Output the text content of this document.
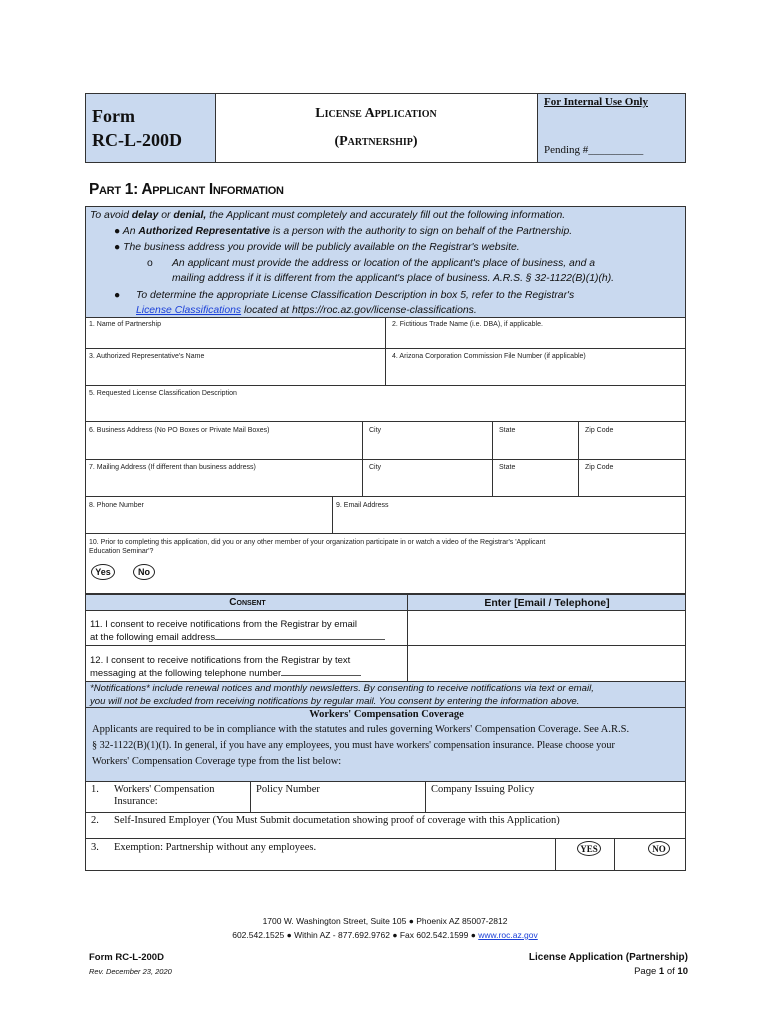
Form
RC-L-200D
License Application
(Partnership)
For Internal Use Only
Pending #__________
Part 1: Applicant Information
To avoid delay or denial, the Applicant must completely and accurately fill out the following information.
● An Authorized Representative is a person with the authority to sign on behalf of the Partnership.
● The business address you provide will be publicly available on the Registrar's website.
o An applicant must provide the address or location of the applicant's place of business, and a
mailing address if it is different from the applicant's place of business. A.R.S. § 32-1122(B)(1)(h).
● To determine the appropriate License Classification Description in box 5, refer to the Registrar's
License Classifications located at https://roc.az.gov/license-classifications.
1. Name of Partnership	2. Fictitious Trade Name (i.e. DBA), if applicable.
3. Authorized Representative's Name	4. Arizona Corporation Commission File Number (if applicable)
5. Requested License Classification Description
6. Business Address (No PO Boxes or Private Mail Boxes)	City	State	Zip Code
7. Mailing Address (If different than business address)	City	State	Zip Code
8. Phone Number	9. Email Address
10. Prior to completing this application, did you or any other member of your organization participate in or watch a video of the Registrar's 'Applicant
Education Seminar'?
Yes	No
Consent	Enter [Email / Telephone]
11. I consent to receive notifications from the Registrar by email
at the following email address
12. I consent to receive notifications from the Registrar by text
messaging at the following telephone number
*Notifications* include renewal notices and monthly newsletters. By consenting to receive notifications via text or email,
you will not be excluded from receiving notifications by regular mail. You consent by entering the information above.
Workers' Compensation Coverage
Applicants are required to be in compliance with the statutes and rules governing Workers' Compensation Coverage. See A.R.S.
§ 32-1122(B)(1)(I). In general, if you have any employees, you must have workers' compensation insurance. Please choose your
Workers' Compensation Coverage type from the list below:
1. Workers' Compensation
Insurance:
Policy Number	Company Issuing Policy
2. Self-Insured Employer (You Must Submit documetation showing proof of coverage with this Application)
3. Exemption: Partnership without any employees.	YES	NO
1700 W. Washington Street, Suite 105 ● Phoenix AZ 85007-2812
602.542.1525 ● Within AZ - 877.692.9762 ● Fax 602.542.1599 ● www.roc.az.gov
Form RC-L-200D
Rev. December 23, 2020
License Application (Partnership)
Page 1 of 10
